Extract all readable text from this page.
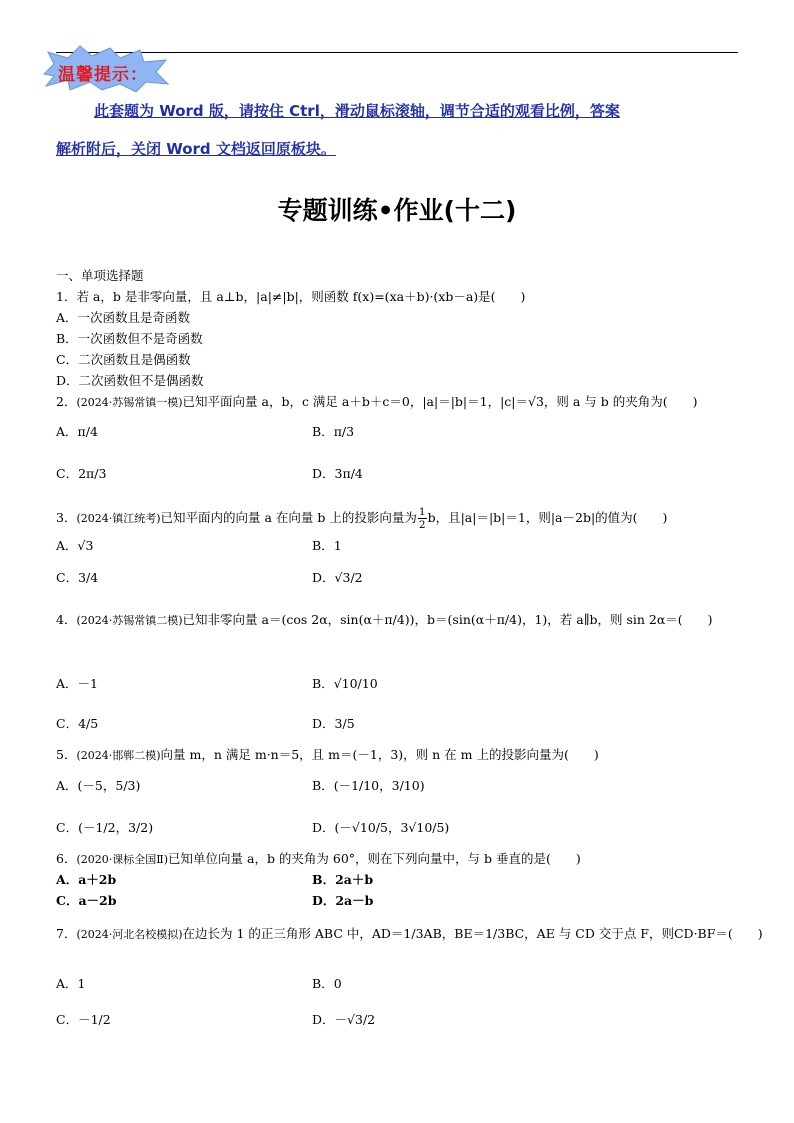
温馨提示：
此套题为 Word 版，请按住 Ctrl，滑动鼠标滚轴，调节合适的观看比例，答案
解析附后，关闭 Word 文档返回原板块。
专题训练•作业(十二)
一、单项选择题
1．若 a，b 是非零向量，且 a⊥b，|a|≠|b|，则函数 f(x)=(xa＋b)·(xb－a)是(　　)
A．一次函数且是奇函数
B．一次函数但不是奇函数
C．二次函数且是偶函数
D．二次函数但不是偶函数
2．(2024·苏锡常镇一模)已知平面向量 a，b，c 满足 a＋b＋c＝0，|a|＝|b|＝1，|c|＝√3，则 a 与 b 的夹角为(　　)
A．π/4	B．π/3
C．2π/3	D．3π/4
3．(2024·镇江统考)已知平面内的向量 a 在向量 b 上的投影向量为 $\frac{1}{2}$ b，且|a|＝|b|＝1，则|a－2b|的值为(　　)
A．√3	B．1
C．3/4	D．√3/2
4．(2024·苏锡常镇二模)已知非零向量 a＝(cos 2α，sin(α＋π/4))，b＝(sin(α＋π/4)，1)，若 a∥b，则 sin 2α＝(　　)
A．－1	B．√10/10
C．4/5	D．3/5
5．(2024·邯郸二模)向量 m，n 满足 m·n＝5，且 m＝(－1，3)，则 n 在 m 上的投影向量为(　　)
A．(－5，5/3)	B．(－1/10，3/10)
C．(－1/2，3/2)	D．(－√10/5，3√10/5)
6．(2020·课标全国Ⅱ)已知单位向量 a，b 的夹角为 60°，则在下列向量中，与 b 垂直的是(　　)
A．a＋2b	B．2a＋b
C．a－2b	D．2a－b
7．(2024·河北名校模拟)在边长为 1 的正三角形 ABC 中，AD＝1/3AB，BE＝1/3BC，AE 与 CD 交于点 F，则CD·BF＝(　　)
A．1	B．0
C．－1/2	D．－√3/2
